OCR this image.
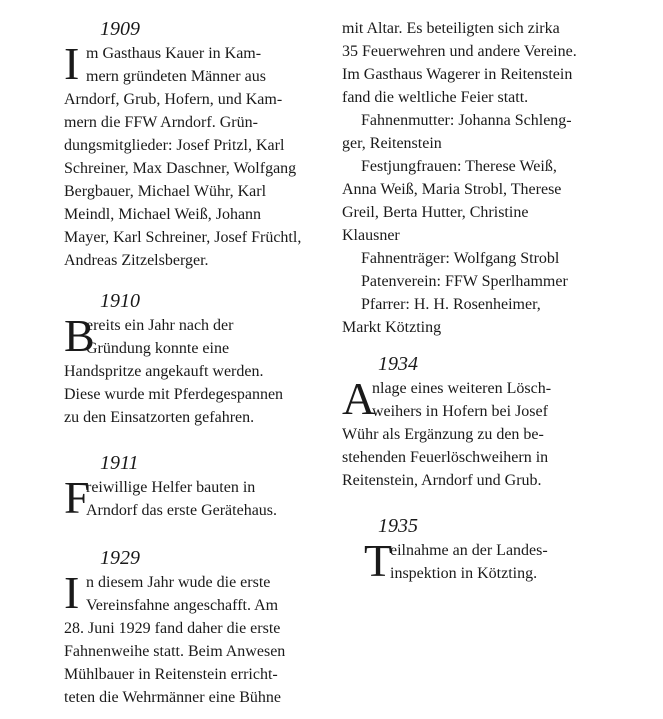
1909
I m Gasthaus Kauer in Kam-
mern gründeten Männer aus
Arndorf, Grub, Hofern, und Kam-
mern die FFW Arndorf. Grün-
dungsmitglieder: Josef Pritzl, Karl
Schreiner, Max Daschner, Wolfgang
Bergbauer, Michael Wühr, Karl
Meindl, Michael Weiß, Johann
Mayer, Karl Schreiner, Josef Früchtl,
Andreas Zitzelsberger.
1910
B
ereits ein Jahr nach der
Gründung konnte eine
Handspritze angekauft werden.
Diese wurde mit Pferdegespannen
zu den Einsatzorten gefahren.
1911
F
reiwillige Helfer bauten in
Arndorf das erste Gerätehaus.
1929
I n diesem Jahr wude die erste
Vereinsfahne angeschafft. Am
28. Juni 1929 fand daher die erste
Fahnenweihe statt. Beim Anwesen
Mühlbauer in Reitenstein erricht-
teten die Wehrmänner eine Bühne
mit Altar. Es beteiligten sich zirka
35 Feuerwehren und andere Vereine.
Im Gasthaus Wagerer in Reitenstein
fand die weltliche Feier statt.
Fahnenmutter: Johanna Schleng-
ger, Reitenstein
Festjungfrauen: Therese Weiß,
Anna Weiß, Maria Strobl, Therese
Greil, Berta Hutter, Christine
Klausner
Fahnenträger: Wolfgang Strobl
Patenverein: FFW Sperlhammer
Pfarrer: H. H. Rosenheimer,
Markt Kötzting
1934
A
nlage eines weiteren Lösch-
weihers in Hofern bei Josef
Wühr als Ergänzung zu den be-
stehenden Feuerlöschweihern in
Reitenstein, Arndorf und Grub.
1935
T
eilnahme an der Landes-
inspektion in Kötzting.
